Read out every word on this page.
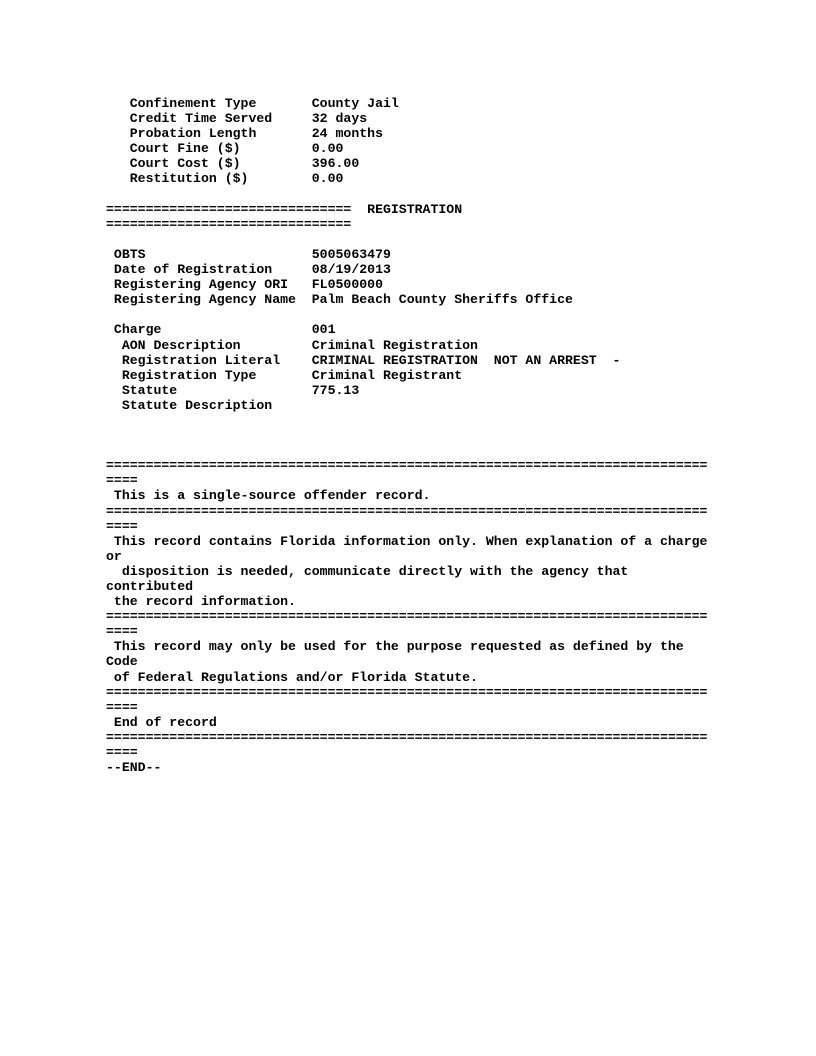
Confinement Type       County Jail
Credit Time Served     32 days
Probation Length       24 months
Court Fine ($)         0.00
Court Cost ($)         396.00
Restitution ($)        0.00
===============================  REGISTRATION
===============================
OBTS                     5005063479
Date of Registration     08/19/2013
Registering Agency ORI   FL0500000
Registering Agency Name  Palm Beach County Sheriffs Office
Charge                   001
AON Description         Criminal Registration
Registration Literal    CRIMINAL REGISTRATION  NOT AN ARREST  -
Registration Type       Criminal Registrant
Statute                 775.13
Statute Description
============================================================================
====
This is a single-source offender record.
============================================================================
====
This record contains Florida information only. When explanation of a charge
or
disposition is needed, communicate directly with the agency that
contributed
the record information.
============================================================================
====
This record may only be used for the purpose requested as defined by the
Code
of Federal Regulations and/or Florida Statute.
============================================================================
====
End of record
============================================================================
====
--END--
